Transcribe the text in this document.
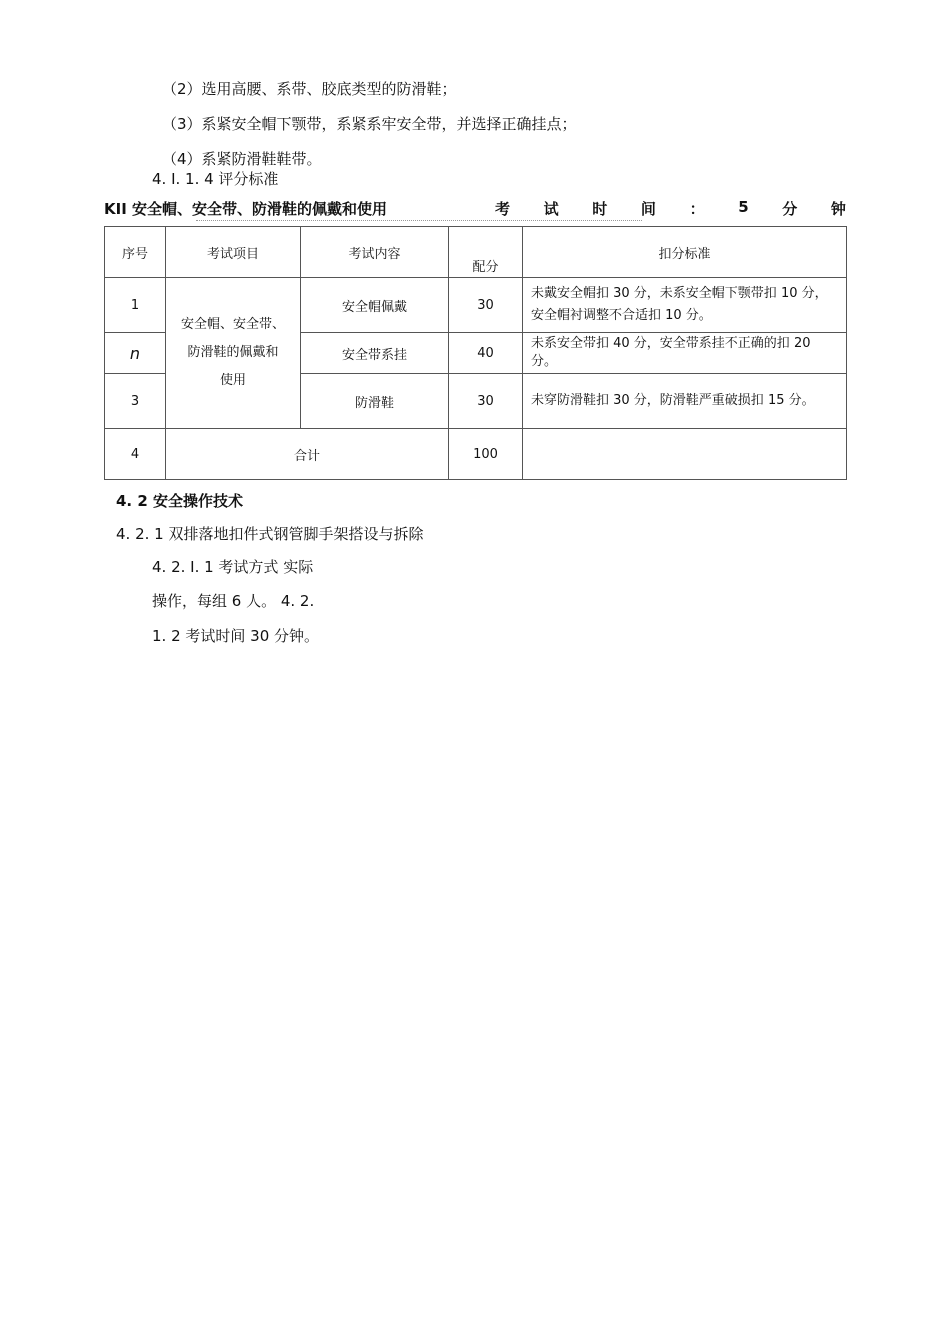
（2）选用高腰、系带、胶底类型的防滑鞋；
（3）系紧安全帽下颚带，系紧系牢安全带，并选择正确挂点；
（4）系紧防滑鞋鞋带。
4. I. 1. 4 评分标准
KII 安全帽、安全带、防滑鞋的佩戴和使用	考 试 时 间 ： 5 分 钟
序号	考试项目	考试内容	配分	扣分标准
1	安全帽、安全带、
防滑鞋的佩戴和
使用	安全帽佩戴	30	未戴安全帽扣 30 分，未系安全帽下颚带扣 10 分，安全帽衬调整不合适扣 10 分。
n		安全带系挂	40	未系安全带扣 40 分，安全带系挂不正确的扣 20 分。
3		防滑鞋	30	未穿防滑鞋扣 30 分，防滑鞋严重破损扣 15 分。
4	合计		100	
4. 2 安全操作技术
4. 2. 1 双排落地扣件式钢管脚手架搭设与拆除
4. 2. I. 1 考试方式 实际
操作，每组 6 人。 4. 2.
1. 2 考试时间 30 分钟。
